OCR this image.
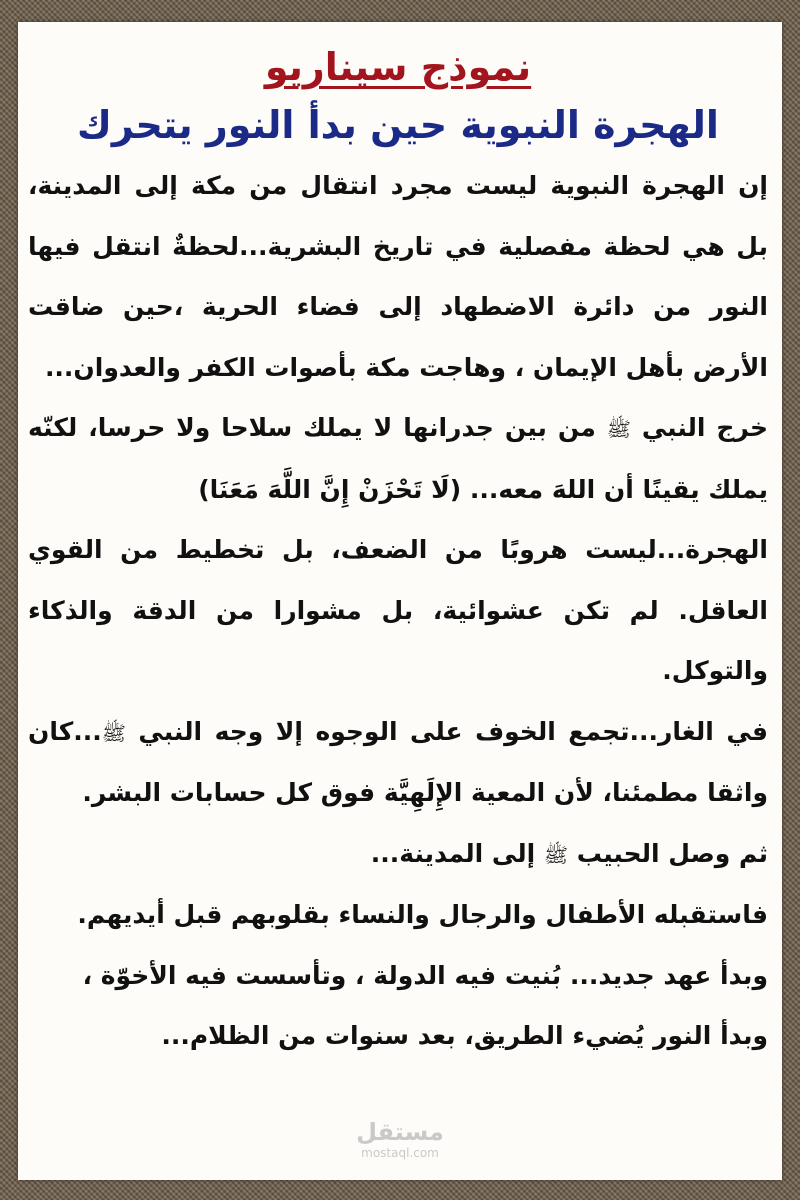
نموذج سيناريو
الهجرة النبوية حين بدأ النور يتحرك

إن الهجرة النبوية ليست مجرد انتقال من مكة إلى المدينة، بل هي لحظة مفصلية في تاريخ البشرية...لحظةٌ انتقل فيها النور من دائرة الاضطهاد إلى فضاء الحرية ،حين ضاقت الأرض بأهل الإيمان ، وهاجت مكة بأصوات الكفر والعدوان...

خرج النبي ﷺ من بين جدرانها لا يملك سلاحا ولا حرسا، لكنّه يملك يقينًا أن اللهَ معه... (لَا تَحْزَنْ إِنَّ اللَّهَ مَعَنَا)

الهجرة...ليست هروبًا من الضعف، بل تخطيط من القوي العاقل. لم تكن عشوائية، بل مشوارا من الدقة والذكاء والتوكل.

في الغار...تجمع الخوف على الوجوه إلا وجه النبي ﷺ...كان واثقا مطمئنا، لأن المعية الإِلَهِيَّة فوق كل حسابات البشر.

ثم وصل الحبيب ﷺ إلى المدينة...

فاستقبله الأطفال والرجال والنساء بقلوبهم قبل أيديهم.

وبدأ عهد جديد... بُنيت فيه الدولة ، وتأسست فيه الأخوّة ،

وبدأ النور يُضيء الطريق، بعد سنوات من الظلام...

مستقل
mostaql.com
